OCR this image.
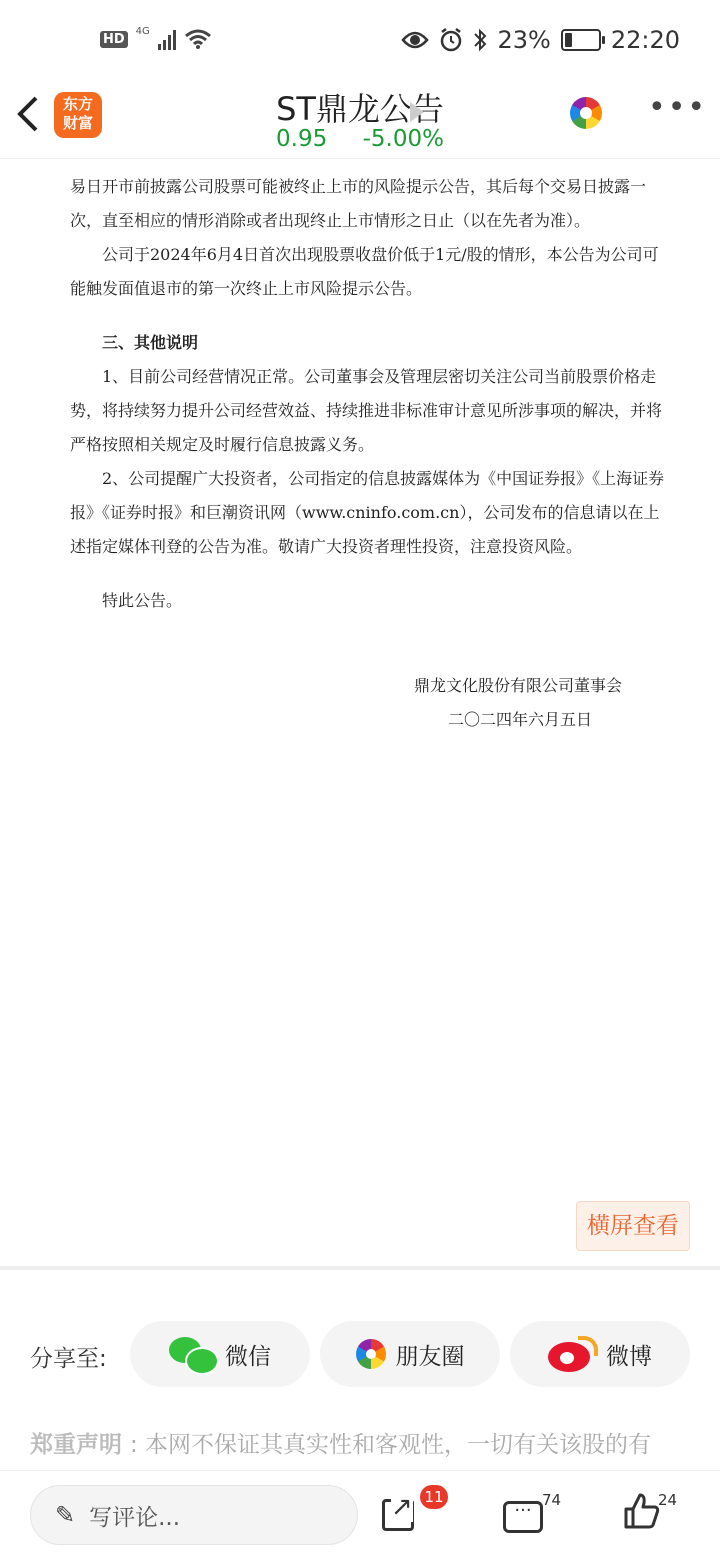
HD
4G	23%	22:20
东方
财富	ST鼎龙公告
0.95 -5.00%
•••

易日开市前披露公司股票可能被终止上市的风险提示公告，其后每个交易日披露一次，直至相应的情形消除或者出现终止上市情形之日止（以在先者为准）。

公司于2024年6月4日首次出现股票收盘价低于1元/股的情形，本公告为公司可能触发面值退市的第一次终止上市风险提示公告。

三、其他说明

1、目前公司经营情况正常。公司董事会及管理层密切关注公司当前股票价格走势，将持续努力提升公司经营效益、持续推进非标准审计意见所涉事项的解决，并将严格按照相关规定及时履行信息披露义务。

2、公司提醒广大投资者，公司指定的信息披露媒体为《中国证券报》《上海证券报》《证券时报》和巨潮资讯网（www.cninfo.com.cn），公司发布的信息请以在上述指定媒体刊登的公告为准。敬请广大投资者理性投资，注意投资风险。

特此公告。

鼎龙文化股份有限公司董事会
二〇二四年六月五日
横屏查看
分享至:	微信	朋友圈	微博
郑重声明 : 本网不保证其真实性和客观性，一切有关该股的有
✎ 写评论...
↗
11
··· 74	24
